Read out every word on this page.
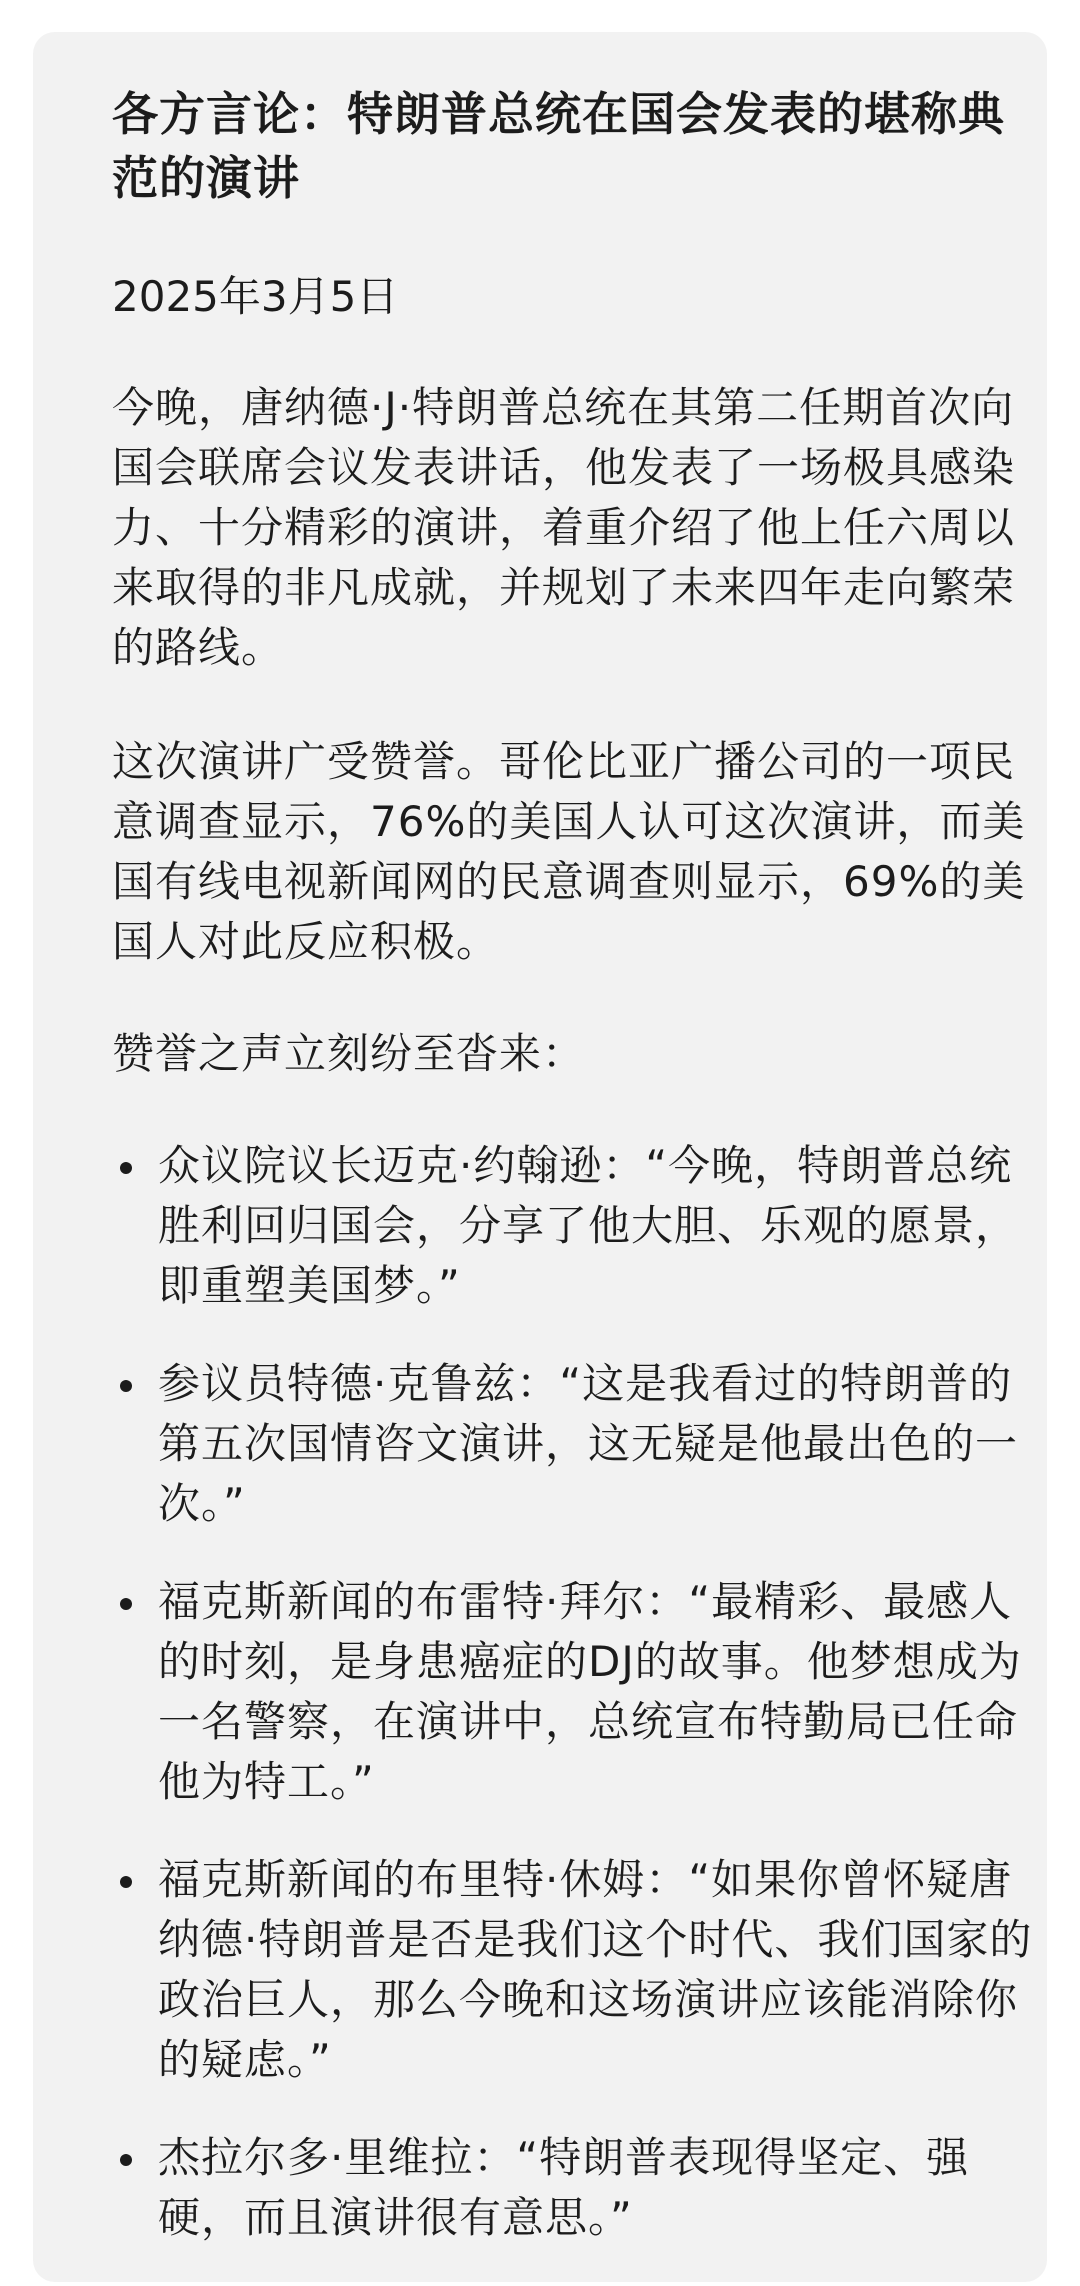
各方言论：特朗普总统在国会发表的堪称典范的演讲

2025年3月5日

今晚，唐纳德·J·特朗普总统在其第二任期首次向国会联席会议发表讲话，他发表了一场极具感染力、十分精彩的演讲，着重介绍了他上任六周以来取得的非凡成就，并规划了未来四年走向繁荣的路线。

这次演讲广受赞誉。哥伦比亚广播公司的一项民意调查显示，76%的美国人认可这次演讲，而美国有线电视新闻网的民意调查则显示，69%的美国人对此反应积极。

赞誉之声立刻纷至沓来：

众议院议长迈克·约翰逊：“今晚，特朗普总统胜利回归国会，分享了他大胆、乐观的愿景，即重塑美国梦。”
参议员特德·克鲁兹：“这是我看过的特朗普的第五次国情咨文演讲，这无疑是他最出色的一次。”
福克斯新闻的布雷特·拜尔：“最精彩、最感人的时刻，是身患癌症的DJ的故事。他梦想成为一名警察，在演讲中，总统宣布特勤局已任命他为特工。”
福克斯新闻的布里特·休姆：“如果你曾怀疑唐纳德·特朗普是否是我们这个时代、我们国家的政治巨人，那么今晚和这场演讲应该能消除你的疑虑。”
杰拉尔多·里维拉：“特朗普表现得坚定、强硬，而且演讲很有意思。”
